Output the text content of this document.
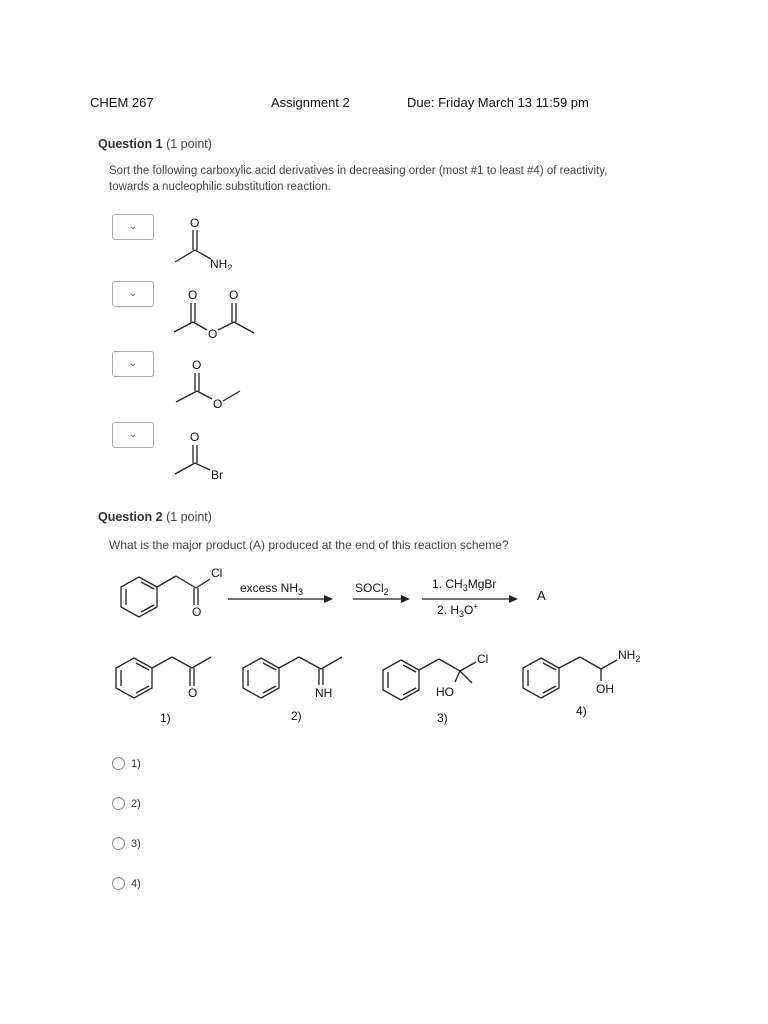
CHEM 267	Assignment 2	Due: Friday March 13 11:59 pm
Question 1 (1 point)
Sort the following carboxylic acid derivatives in decreasing order (most #1 to least #4) of reactivity,
towards a nucleophilic substitution reaction.
⌄
⌄
⌄
⌄
O
$NH_2$
O	O
O
O
O
O
Br
Question 2 (1 point)
What is the major product (A) produced at the end of this reaction scheme?
Cl
O
excess $NH_3$	SOCl$_2$
1. $CH_3MgBr$
2. $H_3O^+$
A
O
1)
NH
2)
Cl
HO
3)
$NH_2$
OH
4)
1)
2)
3)
4)
